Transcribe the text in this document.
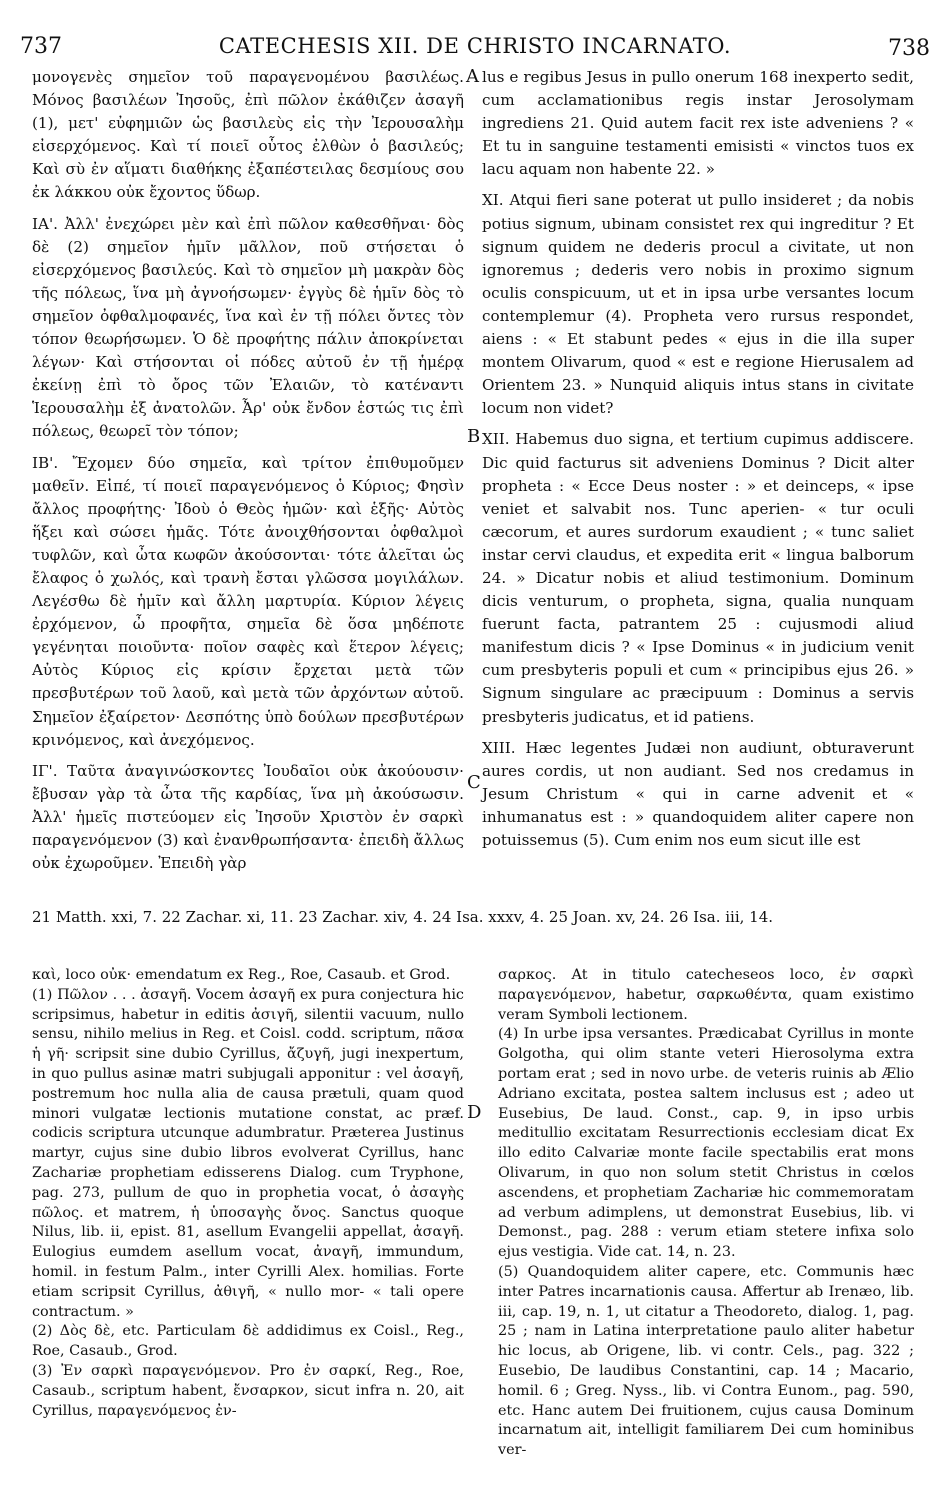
737	CATECHESIS XII. DE CHRISTO INCARNATO.	738

μονογενὲς σημεῖον τοῦ παραγενομένου βασιλέως. Μόνος βασιλέων Ἰησοῦς, ἐπὶ πῶλον ἐκάθιζεν ἀσαγῆ (1), μετ' εὐφημιῶν ὡς βασιλεὺς εἰς τὴν Ἰερουσαλὴμ εἰσερχόμενος. Καὶ τί ποιεῖ οὗτος ἐλθὼν ὁ βασιλεύς; Καὶ σὺ ἐν αἵματι διαθήκης ἐξαπέστειλας δεσμίους σου ἐκ λάκκου οὐκ ἔχοντος ὕδωρ.

ΙΑ'. Ἀλλ' ἐνεχώρει μὲν καὶ ἐπὶ πῶλον καθεσθῆναι· δὸς δὲ (2) σημεῖον ἡμῖν μᾶλλον, ποῦ στήσεται ὁ εἰσερχόμενος βασιλεύς. Καὶ τὸ σημεῖον μὴ μακρὰν δὸς τῆς πόλεως, ἵνα μὴ ἀγνοήσωμεν· ἐγγὺς δὲ ἡμῖν δὸς τὸ σημεῖον ὀφθαλμοφανές, ἵνα καὶ ἐν τῇ πόλει ὄντες τὸν τόπον θεωρήσωμεν. Ὁ δὲ προφήτης πάλιν ἀποκρίνεται λέγων· Καὶ στήσονται οἱ πόδες αὐτοῦ ἐν τῇ ἡμέρᾳ ἐκείνῃ ἐπὶ τὸ ὄρος τῶν Ἐλαιῶν, τὸ κατέναντι Ἱερουσαλὴμ ἐξ ἀνατολῶν. Ἆρ' οὐκ ἔνδον ἑστώς τις ἐπὶ πόλεως, θεωρεῖ τὸν τόπον;

ΙΒ'. Ἔχομεν δύο σημεῖα, καὶ τρίτον ἐπιθυμοῦμεν μαθεῖν. Εἰπέ, τί ποιεῖ παραγενόμενος ὁ Κύριος; Φησὶν ἄλλος προφήτης· Ἰδοὺ ὁ Θεὸς ἡμῶν· καὶ ἑξῆς· Αὐτὸς ἥξει καὶ σώσει ἡμᾶς. Τότε ἀνοιχθήσονται ὀφθαλμοὶ τυφλῶν, καὶ ὦτα κωφῶν ἀκούσονται· τότε ἁλεῖται ὡς ἔλαφος ὁ χωλός, καὶ τρανὴ ἔσται γλῶσσα μογιλάλων. Λεγέσθω δὲ ἡμῖν καὶ ἄλλη μαρτυρία. Κύριον λέγεις ἐρχόμενον, ὦ προφῆτα, σημεῖα δὲ ὅσα μηδέποτε γεγένηται ποιοῦντα· ποῖον σαφὲς καὶ ἕτερον λέγεις; Αὐτὸς Κύριος εἰς κρίσιν ἔρχεται μετὰ τῶν πρεσβυτέρων τοῦ λαοῦ, καὶ μετὰ τῶν ἀρχόντων αὐτοῦ. Σημεῖον ἐξαίρετον· Δεσπότης ὑπὸ δούλων πρεσβυτέρων κρινόμενος, καὶ ἀνεχόμενος.

ΙΓ'. Ταῦτα ἀναγινώσκοντες Ἰουδαῖοι οὐκ ἀκούουσιν· ἔβυσαν γὰρ τὰ ὦτα τῆς καρδίας, ἵνα μὴ ἀκούσωσιν. Ἀλλ' ἡμεῖς πιστεύομεν εἰς Ἰησοῦν Χριστὸν ἐν σαρκὶ παραγενόμενον (3) καὶ ἐνανθρωπήσαντα· ἐπειδὴ ἄλλως οὐκ ἐχωροῦμεν. Ἐπειδὴ γὰρ

A
B
C
D

lus e regibus Jesus in pullo onerum 168 inexperto sedit, cum acclamationibus regis instar Jerosolymam ingrediens 21. Quid autem facit rex iste adveniens ? « Et tu in sanguine testamenti emisisti « vinctos tuos ex lacu aquam non habente 22. »

XI. Atqui fieri sane poterat ut pullo insideret ; da nobis potius signum, ubinam consistet rex qui ingreditur ? Et signum quidem ne dederis procul a civitate, ut non ignoremus ; dederis vero nobis in proximo signum oculis conspicuum, ut et in ipsa urbe versantes locum contemplemur (4). Propheta vero rursus respondet, aiens : « Et stabunt pedes « ejus in die illa super montem Olivarum, quod « est e regione Hierusalem ad Orientem 23. » Nunquid aliquis intus stans in civitate locum non videt?

XII. Habemus duo signa, et tertium cupimus addiscere. Dic quid facturus sit adveniens Dominus ? Dicit alter propheta : « Ecce Deus noster : » et deinceps, « ipse veniet et salvabit nos. Tunc aperien- « tur oculi cæcorum, et aures surdorum exaudient ; « tunc saliet instar cervi claudus, et expedita erit « lingua balborum 24. » Dicatur nobis et aliud testimonium. Dominum dicis venturum, o propheta, signa, qualia nunquam fuerunt facta, patrantem 25 : cujusmodi aliud manifestum dicis ? « Ipse Dominus « in judicium venit cum presbyteris populi et cum « principibus ejus 26. » Signum singulare ac præcipuum : Dominus a servis presbyteris judicatus, et id patiens.

XIII. Hæc legentes Judæi non audiunt, obturaverunt aures cordis, ut non audiant. Sed nos credamus in Jesum Christum « qui in carne advenit et « inhumanatus est : » quandoquidem aliter capere non potuissemus (5). Cum enim nos eum sicut ille est

21 Matth. xxi, 7. 22 Zachar. xi, 11. 23 Zachar. xiv, 4. 24 Isa. xxxv, 4. 25 Joan. xv, 24. 26 Isa. iii, 14.

καὶ, loco οὐκ· emendatum ex Reg., Roe, Casaub. et Grod.

(1) Πῶλον . . . ἀσαγῆ. Vocem ἀσαγῆ ex pura conjectura hic scripsimus, habetur in editis ἀσιγῆ, silentii vacuum, nullo sensu, nihilo melius in Reg. et Coisl. codd. scriptum, πᾶσα ἡ γῆ· scripsit sine dubio Cyrillus, ἄζυγῆ, jugi inexpertum, in quo pullus asinæ matri subjugali apponitur : vel ἀσαγῆ, postremum hoc nulla alia de causa prætuli, quam quod minori vulgatæ lectionis mutatione constat, ac præf. codicis scriptura utcunque adumbratur. Præterea Justinus martyr, cujus sine dubio libros evolverat Cyrillus, hanc Zachariæ prophetiam edisserens Dialog. cum Tryphone, pag. 273, pullum de quo in prophetia vocat, ὁ ἀσαγὴς πῶλος. et matrem, ἡ ὑποσαγὴς ὄνος. Sanctus quoque Nilus, lib. ii, epist. 81, asellum Evangelii appellat, ἀσαγῆ. Eulogius eumdem asellum vocat, ἀναγῆ, immundum, homil. in festum Palm., inter Cyrilli Alex. homilias. Forte etiam scripsit Cyrillus, ἀθιγῆ, « nullo mor- « tali opere contractum. »

(2) Δὸς δὲ, etc. Particulam δὲ addidimus ex Coisl., Reg., Roe, Casaub., Grod.

(3) Ἐν σαρκὶ παραγενόμενον. Pro ἐν σαρκί, Reg., Roe, Casaub., scriptum habent, ἔνσαρκον, sicut infra n. 20, ait Cyrillus, παραγενόμενος ἐν-

σαρκος. At in titulo catecheseos loco, ἐν σαρκὶ παραγενόμενον, habetur, σαρκωθέντα, quam existimo veram Symboli lectionem.

(4) In urbe ipsa versantes. Prædicabat Cyrillus in monte Golgotha, qui olim stante veteri Hierosolyma extra portam erat ; sed in novo urbe. de veteris ruinis ab Ælio Adriano excitata, postea saltem inclusus est ; adeo ut Eusebius, De laud. Const., cap. 9, in ipso urbis meditullio excitatam Resurrectionis ecclesiam dicat Ex illo edito Calvariæ monte facile spectabilis erat mons Olivarum, in quo non solum stetit Christus in cœlos ascendens, et prophetiam Zachariæ hic commemoratam ad verbum adimplens, ut demonstrat Eusebius, lib. vi Demonst., pag. 288 : verum etiam stetere infixa solo ejus vestigia. Vide cat. 14, n. 23.

(5) Quandoquidem aliter capere, etc. Communis hæc inter Patres incarnationis causa. Affertur ab Irenæo, lib. iii, cap. 19, n. 1, ut citatur a Theodoreto, dialog. 1, pag. 25 ; nam in Latina interpretatione paulo aliter habetur hic locus, ab Origene, lib. vi contr. Cels., pag. 322 ; Eusebio, De laudibus Constantini, cap. 14 ; Macario, homil. 6 ; Greg. Nyss., lib. vi Contra Eunom., pag. 590, etc. Hanc autem Dei fruitionem, cujus causa Dominum incarnatum ait, intelligit familiarem Dei cum hominibus ver-
